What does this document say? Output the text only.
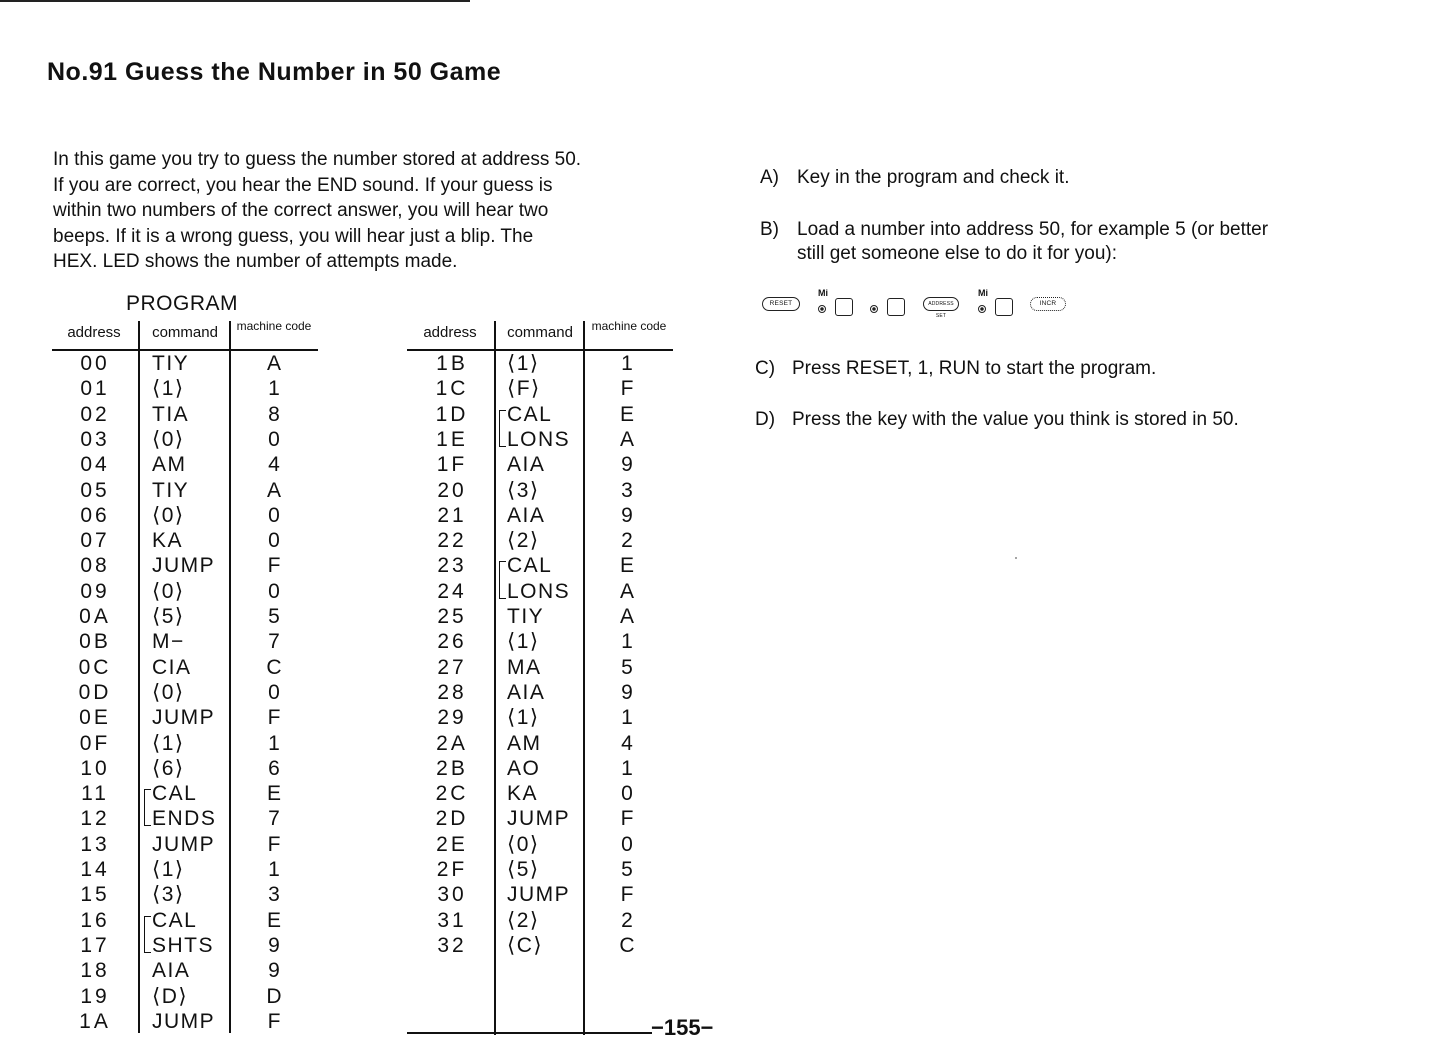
No.91 Guess the Number in 50 Game

In this game you try to guess the number stored at address 50.
If you are correct, you hear the END sound. If your guess is
within two numbers of the correct answer, you will hear two
beeps. If it is a wrong guess, you will hear just a blip. The
HEX. LED shows the number of attempts made.

PROGRAM
address	command	machine code
00	TIY	A
01	⟨1⟩	1
02	TIA	8
03	⟨0⟩	0
04	AM	4
05	TIY	A
06	⟨0⟩	0
07	KA	0
08	JUMP	F
09	⟨0⟩	0
0A	⟨5⟩	5
0B	M−	7
0C	CIA	C
0D	⟨0⟩	0
0E	JUMP	F
0F	⟨1⟩	1
10	⟨6⟩	6
11	CAL	E
12	ENDS	7
13	JUMP	F
14	⟨1⟩	1
15	⟨3⟩	3
16	CAL	E
17	SHTS	9
18	AIA	9
19	⟨D⟩	D
1A	JUMP	F
address	command	machine code
1B	⟨1⟩	1
1C	⟨F⟩	F
1D	CAL	E
1E	LONS	A
1F	AIA	9
20	⟨3⟩	3
21	AIA	9
22	⟨2⟩	2
23	CAL	E
24	LONS	A
25	TIY	A
26	⟨1⟩	1
27	MA	5
28	AIA	9
29	⟨1⟩	1
2A	AM	4
2B	AO	1
2C	KA	0
2D	JUMP	F
2E	⟨0⟩	0
2F	⟨5⟩	5
30	JUMP	F
31	⟨2⟩	2
32	⟨C⟩	C
A) Key in the program and check it.
B) Load a number into address 50, for example 5 (or better
still get someone else to do it for you):
RESET
Mi
ADDRESS SET
Mi
INCR
C) Press RESET, 1, RUN to start the program.
D) Press the key with the value you think is stored in 50.
−155−
